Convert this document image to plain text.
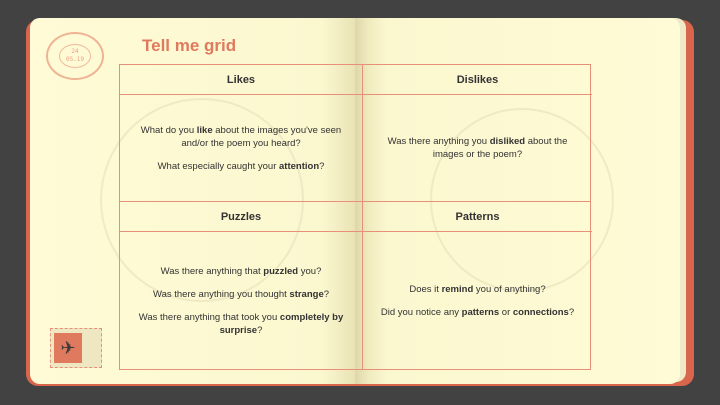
24
05.19
Tell me grid
Likes	Dislikes
Puzzles	Patterns

What do you like about the images you've seen and/or the poem you heard?

What especially caught your attention?

Was there anything you disliked about the images or the poem?

Was there anything that puzzled you?

Was there anything you thought strange?

Was there anything that took you completely by surprise?

Does it remind you of anything?

Did you notice any patterns or connections?

✈
